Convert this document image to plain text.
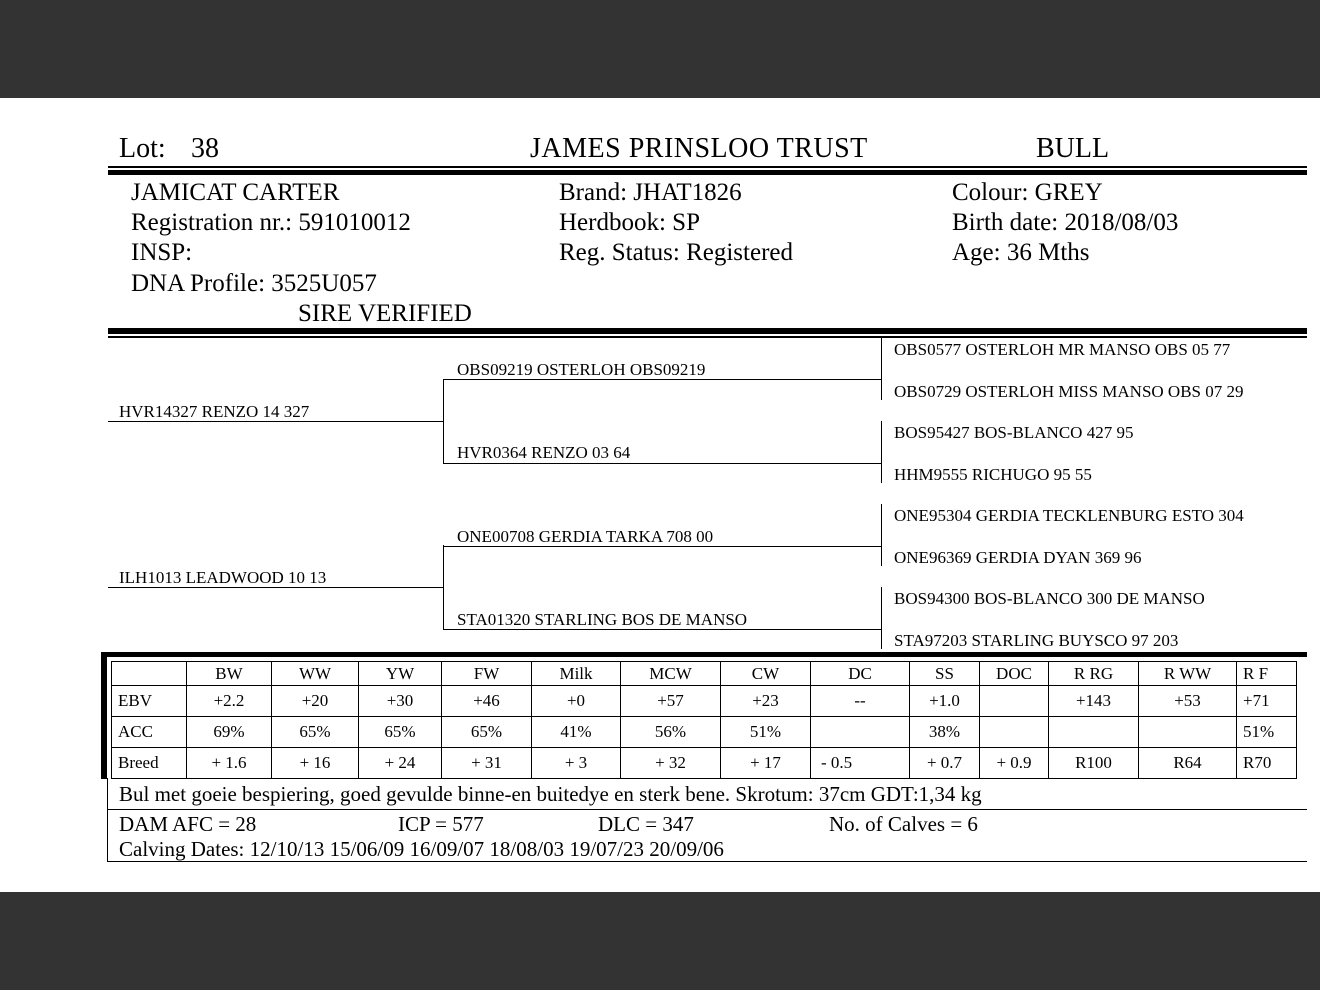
Lot: 38	JAMES PRINSLOO TRUST	BULL
JAMICAT CARTER
Registration nr.: 591010012
INSP:
DNA Profile: 3525U057
SIRE VERIFIED
Brand: JHAT1826
Herdbook: SP
Reg. Status: Registered
Colour: GREY
Birth date: 2018/08/03
Age: 36 Mths
HVR14327 RENZO 14 327
ILH1013 LEADWOOD 10 13
OBS09219 OSTERLOH OBS09219
HVR0364 RENZO 03 64
ONE00708 GERDIA TARKA 708 00
STA01320 STARLING BOS DE MANSO
OBS0577 OSTERLOH MR MANSO OBS 05 77
OBS0729 OSTERLOH MISS MANSO OBS 07 29
BOS95427 BOS-BLANCO 427 95
HHM9555 RICHUGO 95 55
ONE95304 GERDIA TECKLENBURG ESTO 304
ONE96369 GERDIA DYAN 369 96
BOS94300 BOS-BLANCO 300 DE MANSO
STA97203 STARLING BUYSCO 97 203
	BW	WW	YW	FW	Milk	MCW	CW	DC	SS	DOC	R RG	R WW	R F
EBV	+2.2	+20	+30	+46	+0	+57	+23	--	+1.0		+143	+53	+71
ACC	69%	65%	65%	65%	41%	56%	51%		38%				51%
Breed	+ 1.6	+ 16	+ 24	+ 31	+ 3	+ 32	+ 17	- 0.5	+ 0.7	+ 0.9	R100	R64	R70
Bul met goeie bespiering, goed gevulde binne-en buitedye en sterk bene. Skrotum: 37cm GDT:1,34 kg
DAM AFC = 28	ICP = 577	DLC = 347	No. of Calves = 6
Calving Dates: 12/10/13 15/06/09 16/09/07 18/08/03 19/07/23 20/09/06
